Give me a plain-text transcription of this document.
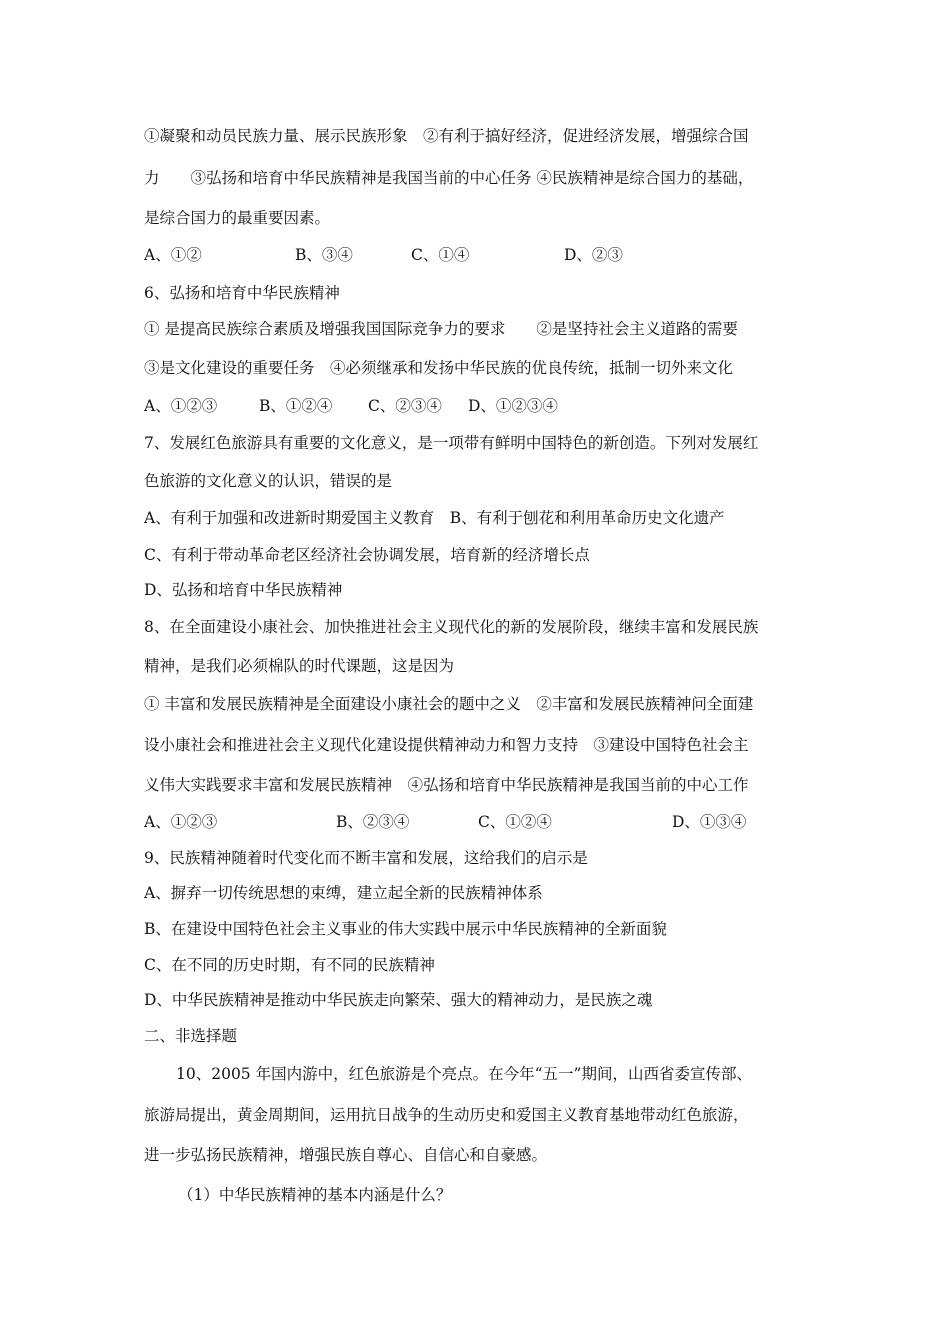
①凝聚和动员民族力量、展示民族形象　②有利于搞好经济，促进经济发展，增强综合国
力　　③弘扬和培育中华民族精神是我国当前的中心任务 ④民族精神是综合国力的基础，
是综合国力的最重要因素。
A、①②	B、③④	C、①④	D、②③
6、弘扬和培育中华民族精神
① 是提高民族综合素质及增强我国国际竞争力的要求　　②是坚持社会主义道路的需要
③是文化建设的重要任务　④必须继承和发扬中华民族的优良传统，抵制一切外来文化
A、①②③	B、①②④ C、②③④ D、①②③④
7、发展红色旅游具有重要的文化意义，是一项带有鲜明中国特色的新创造。下列对发展红
色旅游的文化意义的认识，错误的是
A、有利于加强和改进新时期爱国主义教育　B、有利于刨花和利用革命历史文化遗产
C、有利于带动革命老区经济社会协调发展，培育新的经济增长点
D、弘扬和培育中华民族精神
8、在全面建设小康社会、加快推进社会主义现代化的新的发展阶段，继续丰富和发展民族
精神，是我们必须棉队的时代课题，这是因为
① 丰富和发展民族精神是全面建设小康社会的题中之义　②丰富和发展民族精神问全面建
设小康社会和推进社会主义现代化建设提供精神动力和智力支持　③建设中国特色社会主
义伟大实践要求丰富和发展民族精神　④弘扬和培育中华民族精神是我国当前的中心工作
A、①②③	B、②③④	C、①②④	D、①③④
9、民族精神随着时代变化而不断丰富和发展，这给我们的启示是
A、摒弃一切传统思想的束缚，建立起全新的民族精神体系
B、在建设中国特色社会主义事业的伟大实践中展示中华民族精神的全新面貌
C、在不同的历史时期，有不同的民族精神
D、中华民族精神是推动中华民族走向繁荣、强大的精神动力，是民族之魂
二、非选择题
10、2005 年国内游中，红色旅游是个亮点。在今年“五一”期间，山西省委宣传部、
旅游局提出，黄金周期间，运用抗日战争的生动历史和爱国主义教育基地带动红色旅游，
进一步弘扬民族精神，增强民族自尊心、自信心和自豪感。
（1）中华民族精神的基本内涵是什么？
